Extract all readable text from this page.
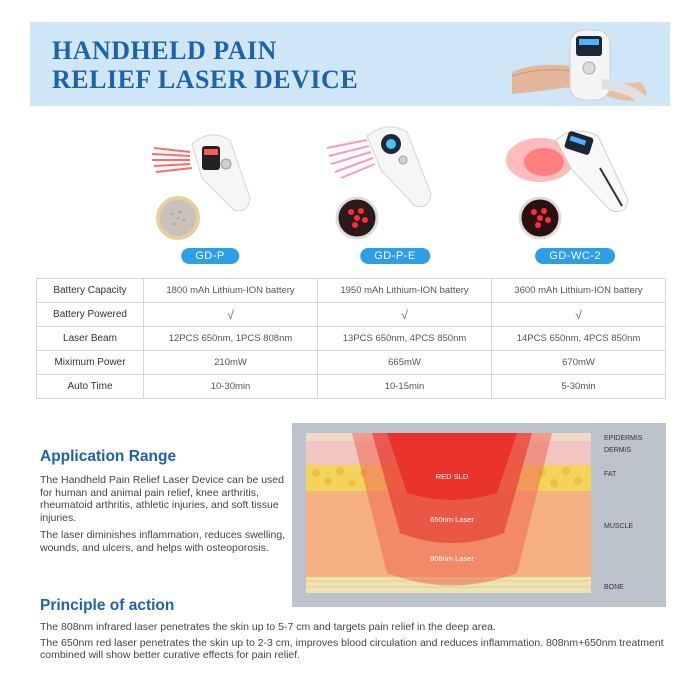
HANDHELD PAIN
RELIEF LASER DEVICE
GD-P	GD-P-E	GD-WC-2
Battery Capacity	1800 mAh Lithium-ION battery	1950 mAh Lithium-ION battery	3600 mAh Lithium-ION battery
Battery Powered	√	√	√
Laser Beam	12PCS 650nm, 1PCS 808nm	13PCS 650nm, 4PCS 850nm	14PCS 650nm, 4PCS 850nm
Miximum Power	210mW	665mW	670mW
Auto Time	10-30min	10-15min	5-30min
Application Range
The Handheld Pain Relief Laser Device can be used for human and animal pain relief, knee arthritis, rheumatoid arthritis, athletic injuries, and soft tissue injuries.
The laser diminishes inflammation, reduces swelling, wounds, and ulcers, and helps with osteoporosis.
RED SLD
650nm Laser
808nm Laser
EPIDERMIS
DERMIS
FAT
MUSCLE
BONE
Principle of action
The 808nm infrared laser penetrates the skin up to 5-7 cm and targets pain relief in the deep area.
The 650nm red laser penetrates the skin up to 2-3 cm, improves blood circulation and reduces inflammation. 808nm+650nm treatment combined will show better curative effects for pain relief.
